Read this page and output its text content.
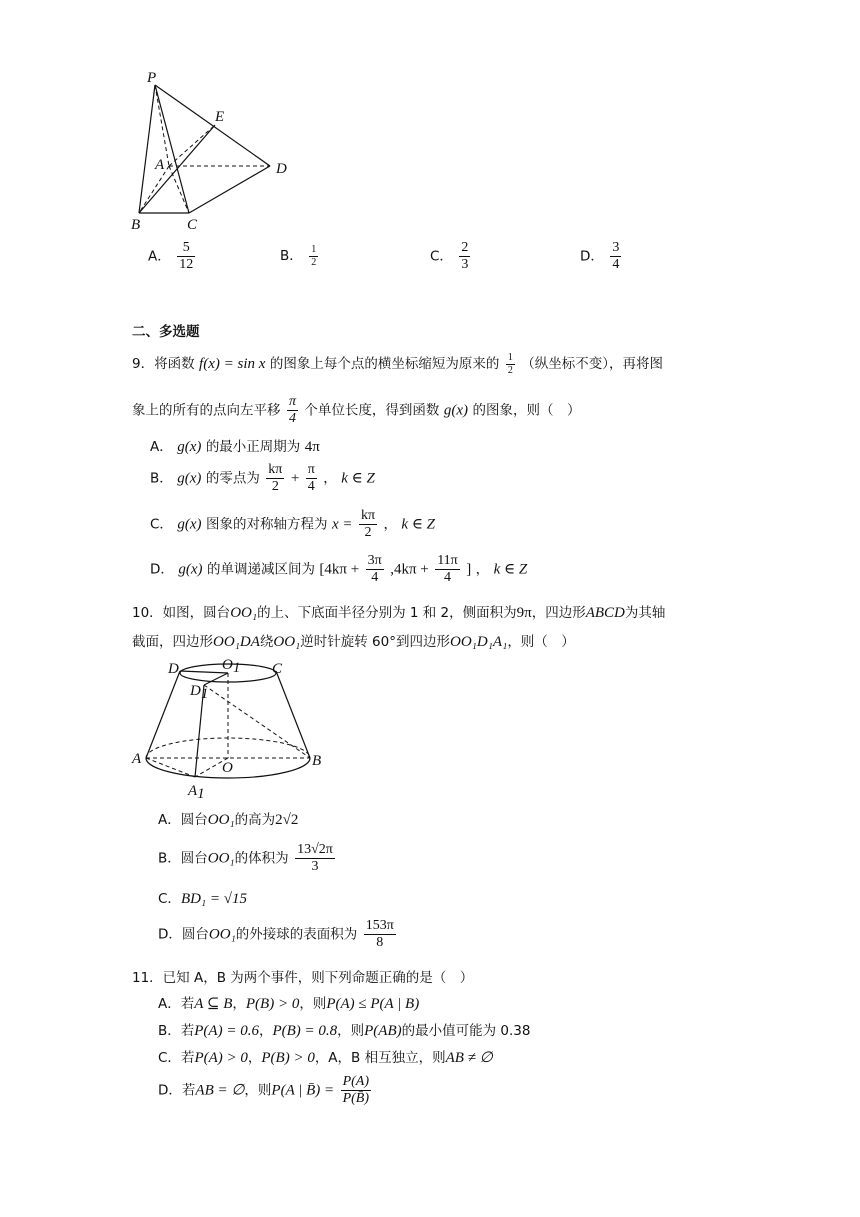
P
E
A	D
B	C
A． $\frac{5}{12}$	B． $\frac{1}{2}$	C． $\frac{2}{3}$	D． $\frac{3}{4}$
二、多选题
9．将函数 f(x) = sin x 的图象上每个点的横坐标缩短为原来的 $\frac{1}{2}$ （纵坐标不变），再将图
象上的所有的点向左平移 $\frac{\pi}{4}$ 个单位长度，得到函数 g(x) 的图象，则（　）
A． g(x) 的最小正周期为 4π
B． g(x) 的零点为 $\frac{k\pi}{2} + \frac{\pi}{4}$ ， k ∈ Z
C． g(x) 图象的对称轴方程为 $x = \frac{k\pi}{2}$ ， k ∈ Z
D． g(x) 的单调递减区间为 [$4k\pi + \frac{3\pi}{4} ,4k\pi + \frac{11\pi}{4}$ ] ， k ∈ Z
10．如图，圆台OO₁的上、下底面半径分别为 1 和 2，侧面积为9π，四边形ABCD为其轴
截面，四边形OO₁DA绕OO₁逆时针旋转 60°到四边形OO₁D₁A₁，则（　）
D	O1 C
D1
A
O	B
A1
A．圆台OO₁的高为2√2
B．圆台OO₁的体积为 $\frac{13√2\pi}{3}$
C．BD₁ = √15
D．圆台OO₁的外接球的表面积为 $\frac{153\pi}{8}$
11．已知 A，B 为两个事件，则下列命题正确的是（　）
A．若A ⊆ B，P(B) > 0，则P(A) ≤ P(A | B)
B．若P(A) = 0.6，P(B) = 0.8，则P(AB)的最小值可能为 0.38
C．若P(A) > 0，P(B) > 0，A，B 相互独立，则AB ≠ ∅
D．若AB = ∅，则P(A | B̄) = $\frac{P(A)}{P(B̄)}$
